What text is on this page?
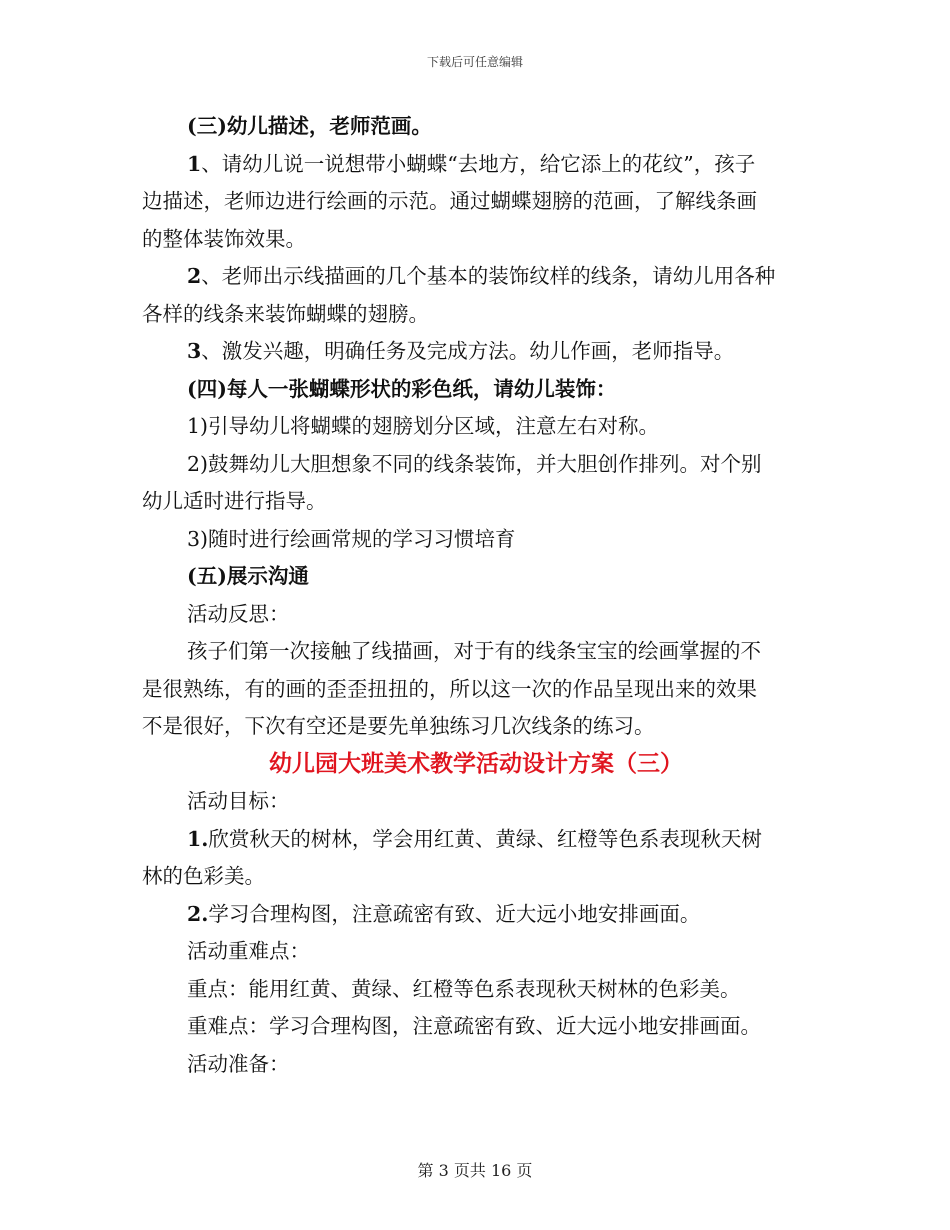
下载后可任意编辑
(三)幼儿描述，老师范画。
1、请幼儿说一说想带小蝴蝶“去地方，给它添上的花纹”，孩子
边描述，老师边进行绘画的示范。通过蝴蝶翅膀的范画，了解线条画
的整体装饰效果。
2、老师出示线描画的几个基本的装饰纹样的线条，请幼儿用各种
各样的线条来装饰蝴蝶的翅膀。
3、激发兴趣，明确任务及完成方法。幼儿作画，老师指导。
(四)每人一张蝴蝶形状的彩色纸，请幼儿装饰：
1)引导幼儿将蝴蝶的翅膀划分区域，注意左右对称。
2)鼓舞幼儿大胆想象不同的线条装饰，并大胆创作排列。对个别
幼儿适时进行指导。
3)随时进行绘画常规的学习习惯培育
(五)展示沟通
活动反思：
孩子们第一次接触了线描画，对于有的线条宝宝的绘画掌握的不
是很熟练，有的画的歪歪扭扭的，所以这一次的作品呈现出来的效果
不是很好，下次有空还是要先单独练习几次线条的练习。
幼儿园大班美术教学活动设计方案（三）
活动目标：
1.欣赏秋天的树林，学会用红黄、黄绿、红橙等色系表现秋天树
林的色彩美。
2.学习合理构图，注意疏密有致、近大远小地安排画面。
活动重难点：
重点：能用红黄、黄绿、红橙等色系表现秋天树林的色彩美。
重难点：学习合理构图，注意疏密有致、近大远小地安排画面。
活动准备：
第 3 页共 16 页
